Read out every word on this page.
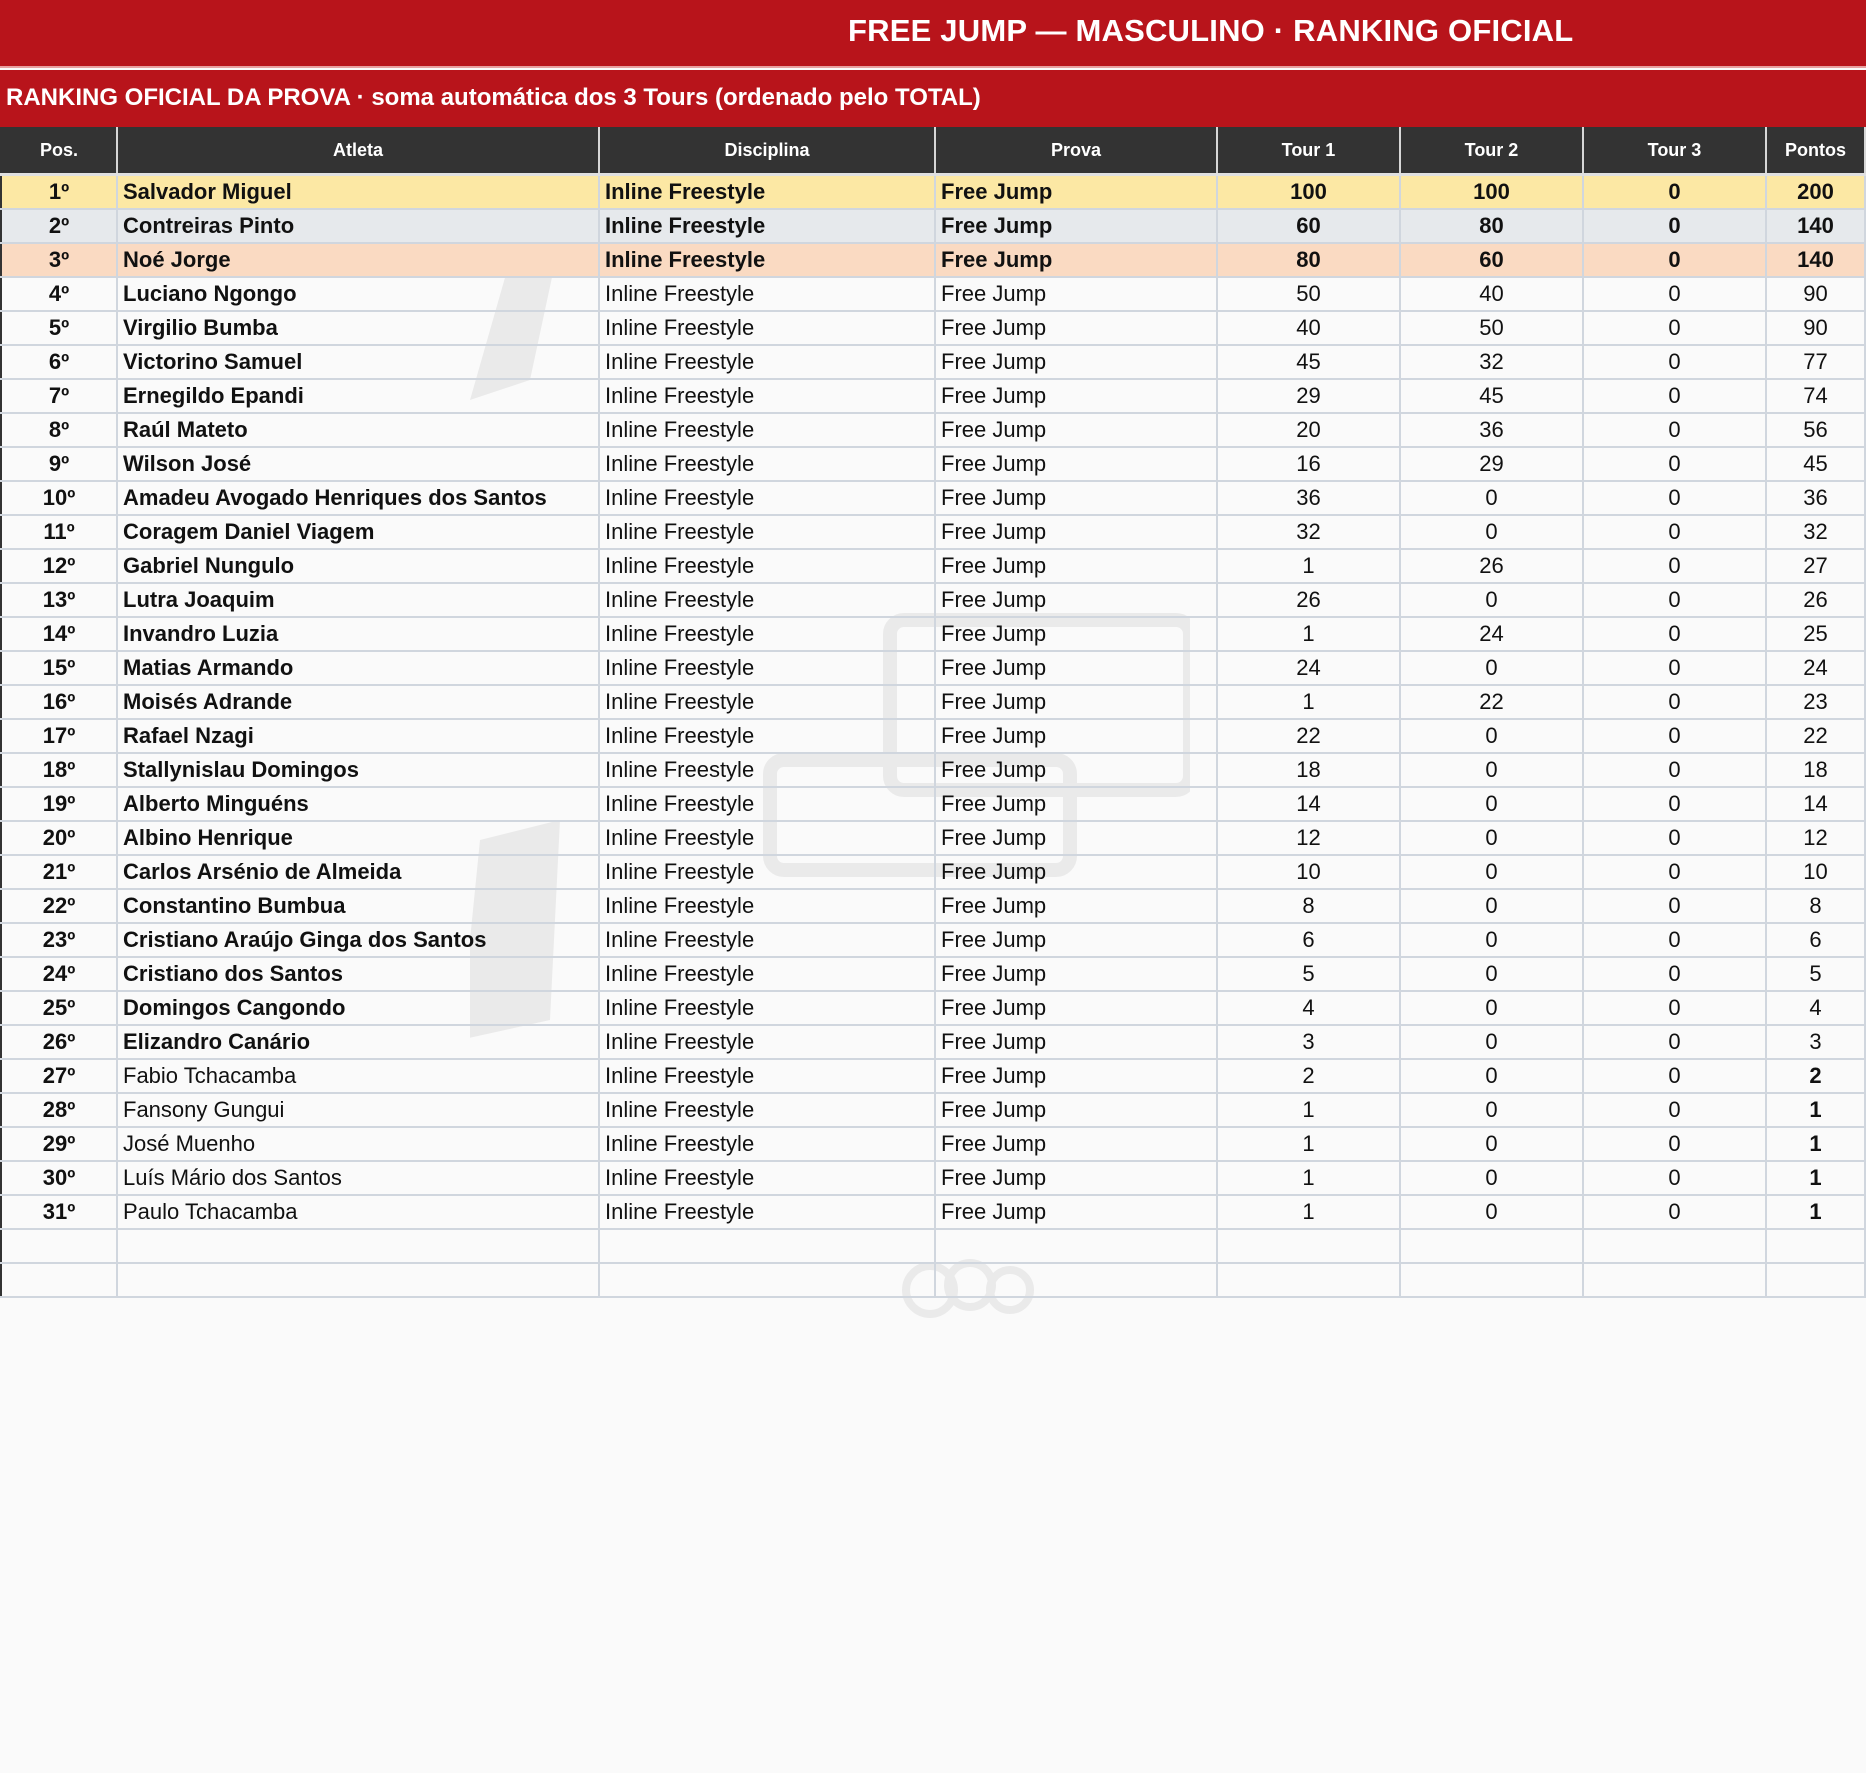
FREE JUMP — MASCULINO · RANKING OFICIAL
RANKING OFICIAL DA PROVA · soma automática dos 3 Tours (ordenado pelo TOTAL)
Pos.	Atleta	Disciplina	Prova	Tour 1	Tour 2	Tour 3	Pontos
1º	Salvador Miguel	Inline Freestyle	Free Jump	100	100	0	200
2º	Contreiras Pinto	Inline Freestyle	Free Jump	60	80	0	140
3º	Noé Jorge	Inline Freestyle	Free Jump	80	60	0	140
4º	Luciano Ngongo	Inline Freestyle	Free Jump	50	40	0	90
5º	Virgilio Bumba	Inline Freestyle	Free Jump	40	50	0	90
6º	Victorino Samuel	Inline Freestyle	Free Jump	45	32	0	77
7º	Ernegildo Epandi	Inline Freestyle	Free Jump	29	45	0	74
8º	Raúl Mateto	Inline Freestyle	Free Jump	20	36	0	56
9º	Wilson José	Inline Freestyle	Free Jump	16	29	0	45
10º	Amadeu Avogado Henriques dos Santos	Inline Freestyle	Free Jump	36	0	0	36
11º	Coragem Daniel Viagem	Inline Freestyle	Free Jump	32	0	0	32
12º	Gabriel Nungulo	Inline Freestyle	Free Jump	1	26	0	27
13º	Lutra Joaquim	Inline Freestyle	Free Jump	26	0	0	26
14º	Invandro Luzia	Inline Freestyle	Free Jump	1	24	0	25
15º	Matias Armando	Inline Freestyle	Free Jump	24	0	0	24
16º	Moisés Adrande	Inline Freestyle	Free Jump	1	22	0	23
17º	Rafael Nzagi	Inline Freestyle	Free Jump	22	0	0	22
18º	Stallynislau Domingos	Inline Freestyle	Free Jump	18	0	0	18
19º	Alberto Minguéns	Inline Freestyle	Free Jump	14	0	0	14
20º	Albino Henrique	Inline Freestyle	Free Jump	12	0	0	12
21º	Carlos Arsénio de Almeida	Inline Freestyle	Free Jump	10	0	0	10
22º	Constantino Bumbua	Inline Freestyle	Free Jump	8	0	0	8
23º	Cristiano Araújo Ginga dos Santos	Inline Freestyle	Free Jump	6	0	0	6
24º	Cristiano dos Santos	Inline Freestyle	Free Jump	5	0	0	5
25º	Domingos Cangondo	Inline Freestyle	Free Jump	4	0	0	4
26º	Elizandro Canário	Inline Freestyle	Free Jump	3	0	0	3
27º	Fabio Tchacamba	Inline Freestyle	Free Jump	2	0	0	2
28º	Fansony Gungui	Inline Freestyle	Free Jump	1	0	0	1
29º	José Muenho	Inline Freestyle	Free Jump	1	0	0	1
30º	Luís Mário dos Santos	Inline Freestyle	Free Jump	1	0	0	1
31º	Paulo Tchacamba	Inline Freestyle	Free Jump	1	0	0	1
